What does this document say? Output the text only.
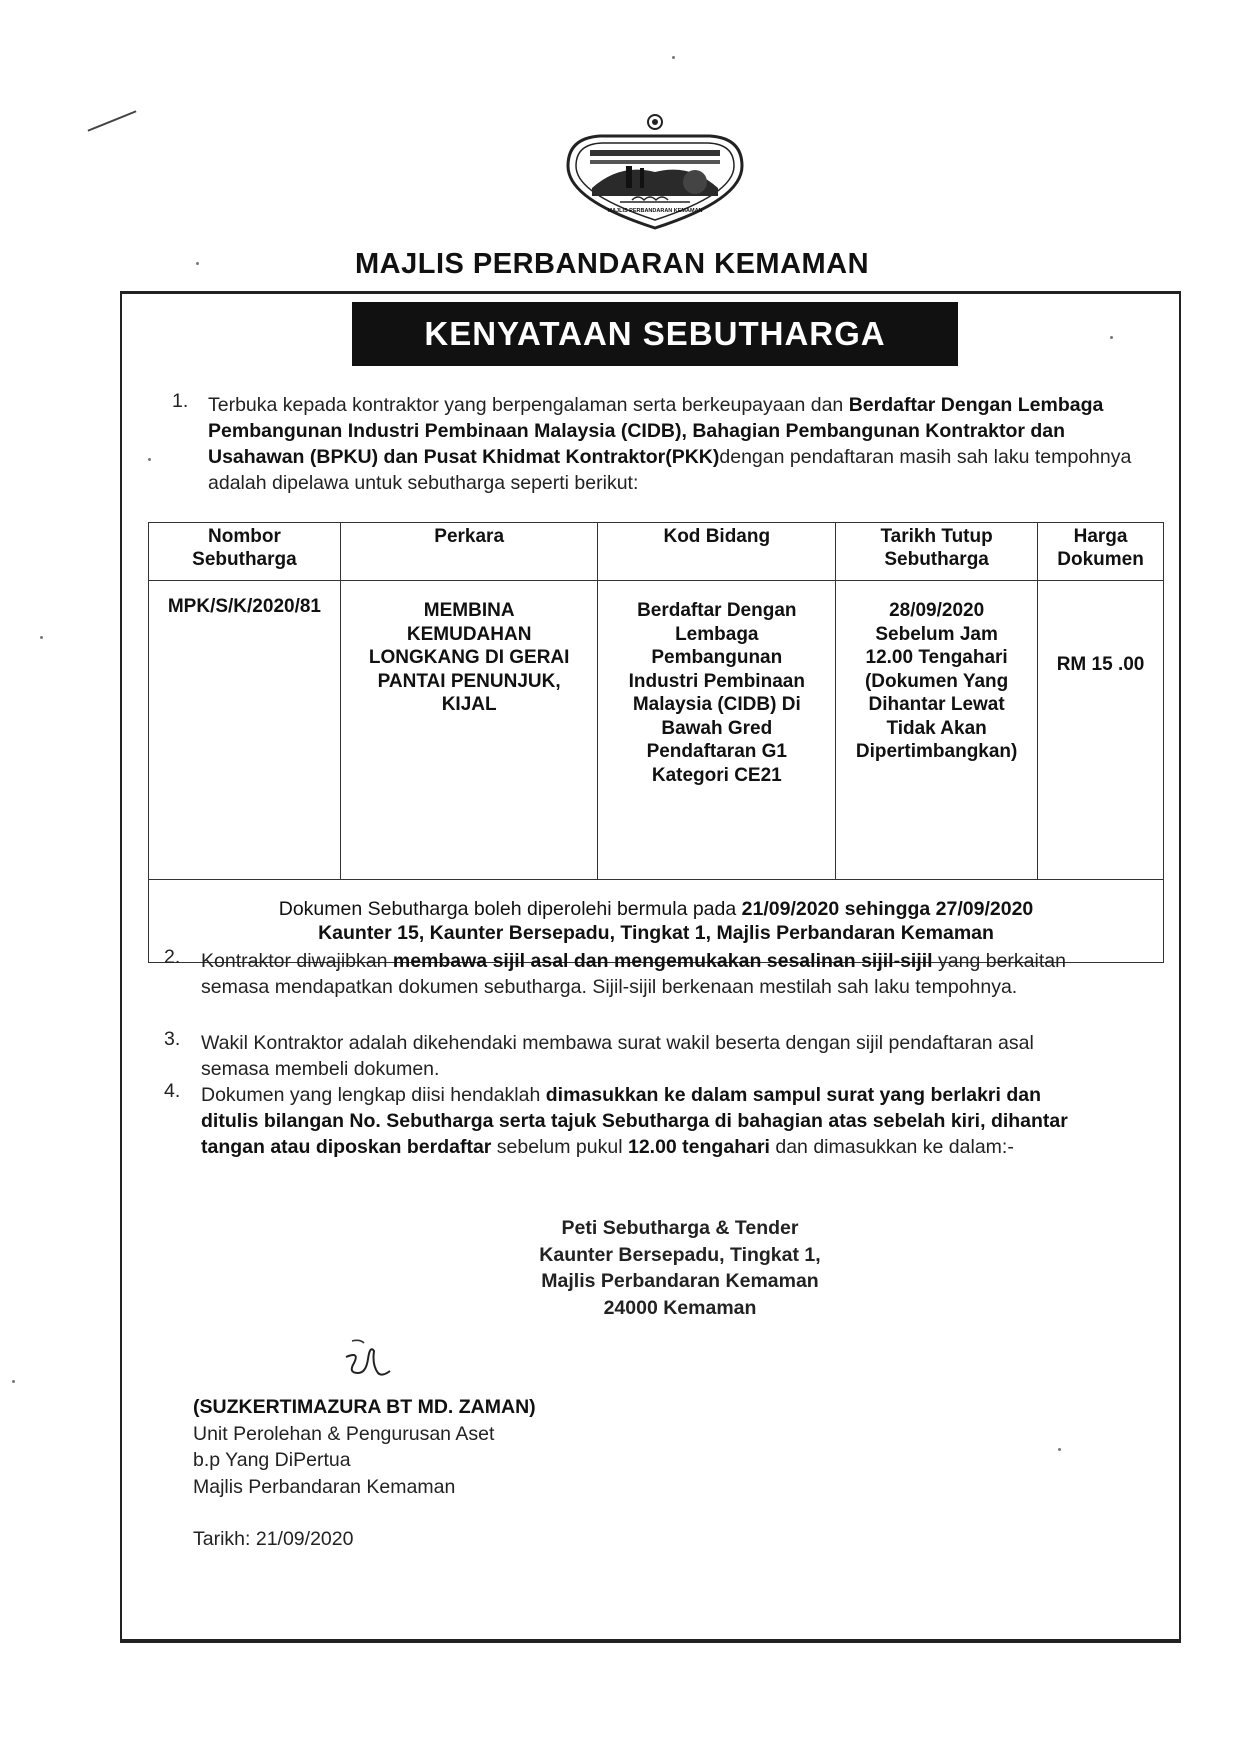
MAJLIS PERBANDARAN KEMAMAN
MAJLIS PERBANDARAN KEMAMAN
KENYATAAN SEBUTHARGA
1. Terbuka kepada kontraktor yang berpengalaman serta berkeupayaan dan Berdaftar Dengan Lembaga Pembangunan Industri Pembinaan Malaysia (CIDB), Bahagian Pembangunan Kontraktor dan Usahawan (BPKU) dan Pusat Khidmat Kontraktor(PKK)dengan pendaftaran masih sah laku tempohnya adalah dipelawa untuk sebutharga seperti berikut:
Nombor Sebutharga	Perkara	Kod Bidang	Tarikh Tutup Sebutharga	Harga Dokumen
MPK/S/K/2020/81	MEMBINA KEMUDAHAN LONGKANG DI GERAI PANTAI PENUNJUK, KIJAL	Berdaftar Dengan Lembaga Pembangunan Industri Pembinaan Malaysia (CIDB) Di Bawah Gred Pendaftaran G1 Kategori CE21	28/09/2020 Sebelum Jam 12.00 Tengahari (Dokumen Yang Dihantar Lewat Tidak Akan Dipertimbangkan)	RM 15 .00
Dokumen Sebutharga boleh diperolehi bermula pada 21/09/2020 sehingga 27/09/2020
Kaunter 15, Kaunter Bersepadu, Tingkat 1, Majlis Perbandaran Kemaman				
2. Kontraktor diwajibkan membawa sijil asal dan mengemukakan sesalinan sijil-sijil yang berkaitan semasa mendapatkan dokumen sebutharga. Sijil-sijil berkenaan mestilah sah laku tempohnya.
3. Wakil Kontraktor adalah dikehendaki membawa surat wakil beserta dengan sijil pendaftaran asal semasa membeli dokumen.
4. Dokumen yang lengkap diisi hendaklah dimasukkan ke dalam sampul surat yang berlakri dan ditulis bilangan No. Sebutharga serta tajuk Sebutharga di bahagian atas sebelah kiri, dihantar tangan atau diposkan berdaftar sebelum pukul 12.00 tengahari dan dimasukkan ke dalam:-
Peti Sebutharga & Tender
Kaunter Bersepadu, Tingkat 1,
Majlis Perbandaran Kemaman
24000 Kemaman
(SUZKERTIMAZURA BT MD. ZAMAN)
Unit Perolehan & Pengurusan Aset
b.p Yang DiPertua
Majlis Perbandaran Kemaman
Tarikh: 21/09/2020
